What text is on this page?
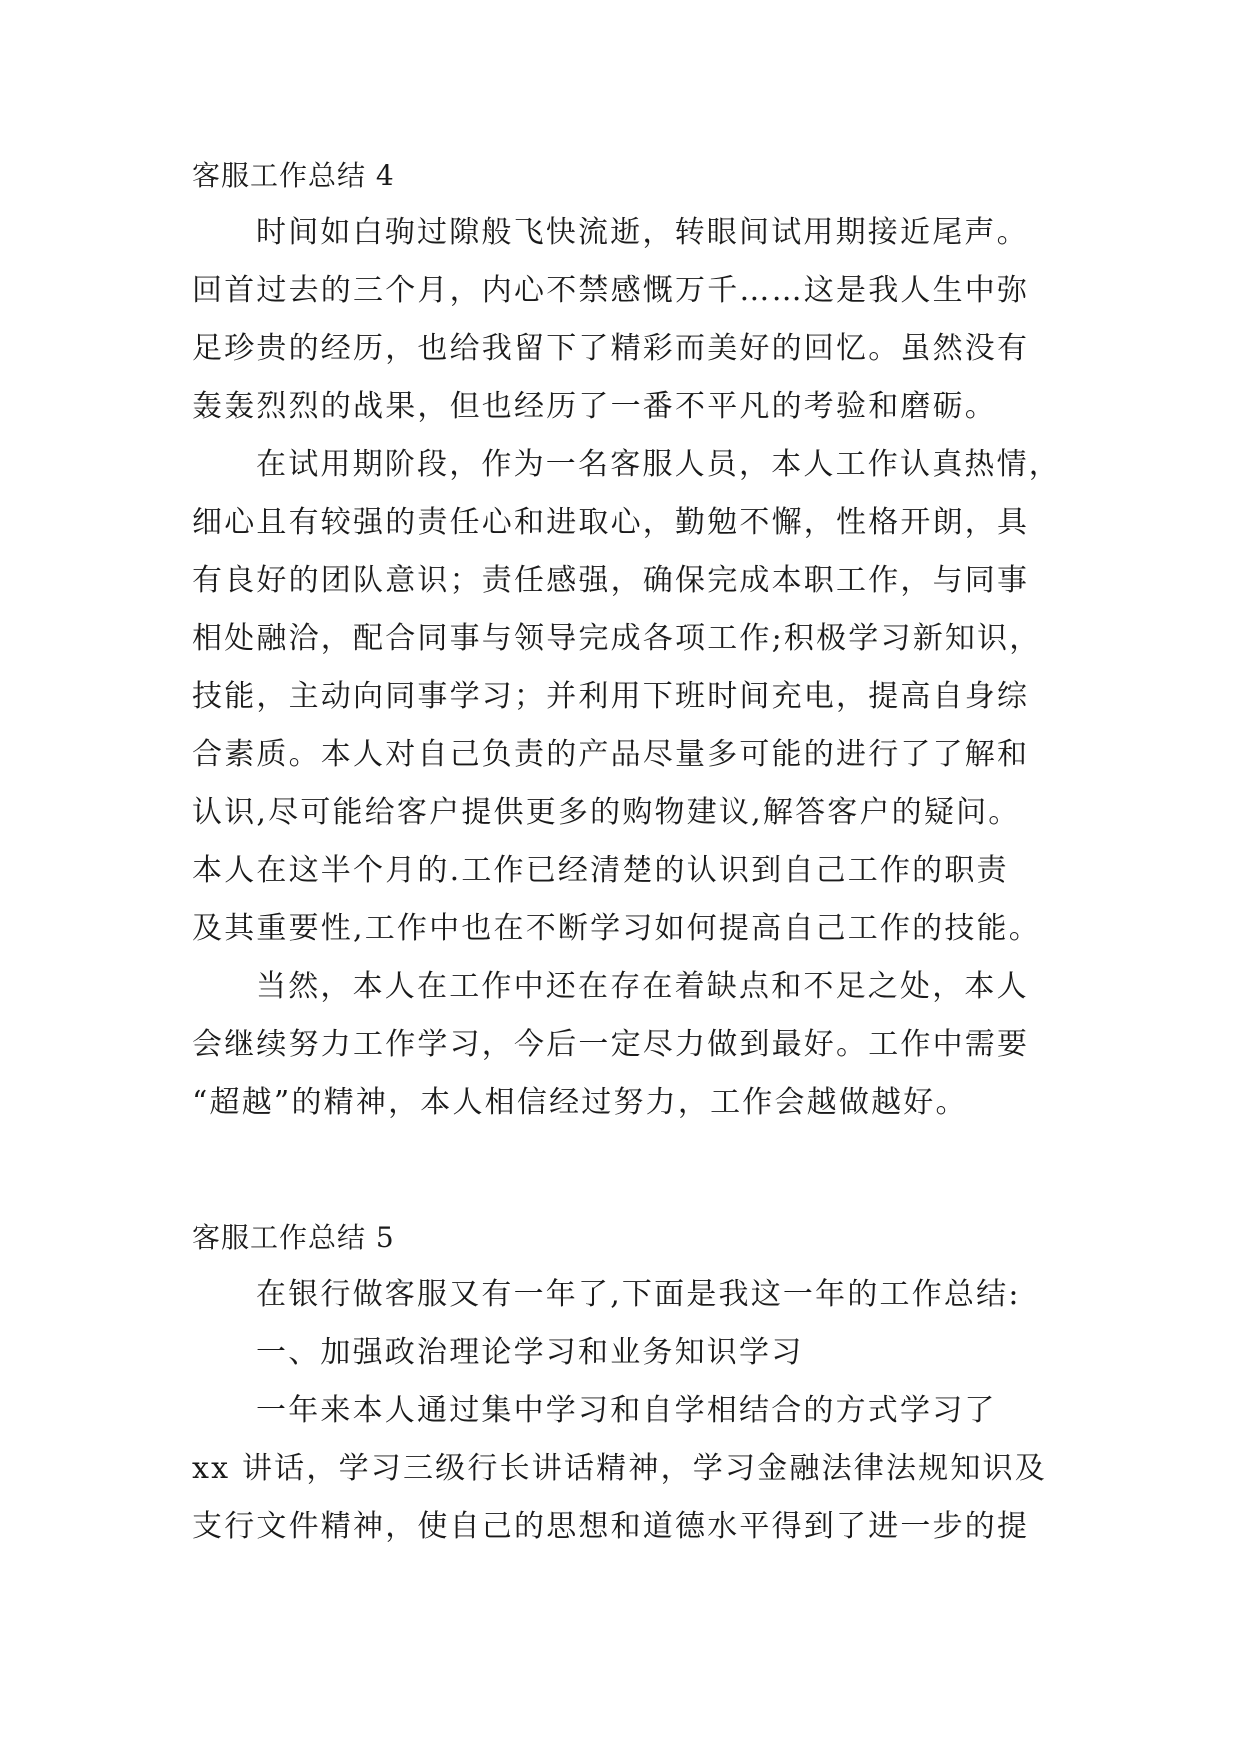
客服工作总结 4

时间如白驹过隙般飞快流逝，转眼间试用期接近尾声。
回首过去的三个月，内心不禁感慨万千……这是我人生中弥
足珍贵的经历，也给我留下了精彩而美好的回忆。虽然没有
轰轰烈烈的战果，但也经历了一番不平凡的考验和磨砺。

在试用期阶段，作为一名客服人员，本人工作认真热情，
细心且有较强的责任心和进取心，勤勉不懈，性格开朗，具
有良好的团队意识；责任感强，确保完成本职工作，与同事
相处融洽，配合同事与领导完成各项工作;积极学习新知识，
技能，主动向同事学习；并利用下班时间充电，提高自身综
合素质。本人对自己负责的产品尽量多可能的进行了了解和
认识,尽可能给客户提供更多的购物建议,解答客户的疑问。
本人在这半个月的.工作已经清楚的认识到自己工作的职责
及其重要性,工作中也在不断学习如何提高自己工作的技能。

当然，本人在工作中还在存在着缺点和不足之处，本人
会继续努力工作学习，今后一定尽力做到最好。工作中需要
“超越”的精神，本人相信经过努力，工作会越做越好。

客服工作总结 5

在银行做客服又有一年了,下面是我这一年的工作总结:

一、加强政治理论学习和业务知识学习

一年来本人通过集中学习和自学相结合的方式学习了
xx 讲话，学习三级行长讲话精神，学习金融法律法规知识及
支行文件精神，使自己的思想和道德水平得到了进一步的提
